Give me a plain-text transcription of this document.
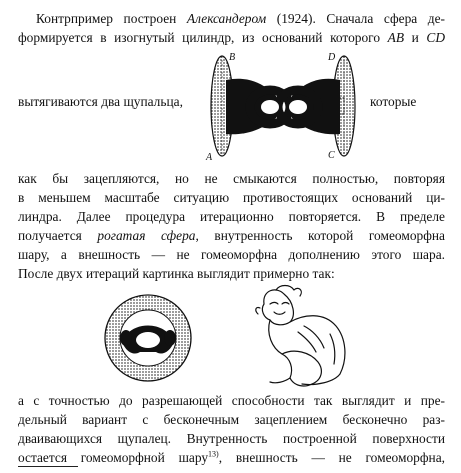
Контрпример построен Александером (1924). Сначала сфера де-
формируется в изогнутый цилиндр, из оснований которого AB и CD
вытягиваются два щупальца,	которые
B
A
D
C
как бы зацепляются, но не смыкаются полностью, повторяя
в меньшем масштабе ситуацию противостоящих оснований ци-
линдра. Далее процедура итерационно повторяется. В пределе
получается рогатая сфера, внутренность которой гомеоморфна
шару, а внешность — не гомеоморфна дополнению этого шара.
После двух итераций картинка выглядит примерно так:
а с точностью до разрешающей способности так выглядит и пре-
дельный вариант с бесконечным зацеплением бесконечно раз-
дваивающихся щупалец. Внутренность построенной поверхности
остается гомеоморфной шару$^{13)}$, внешность — не гомеоморфна,
